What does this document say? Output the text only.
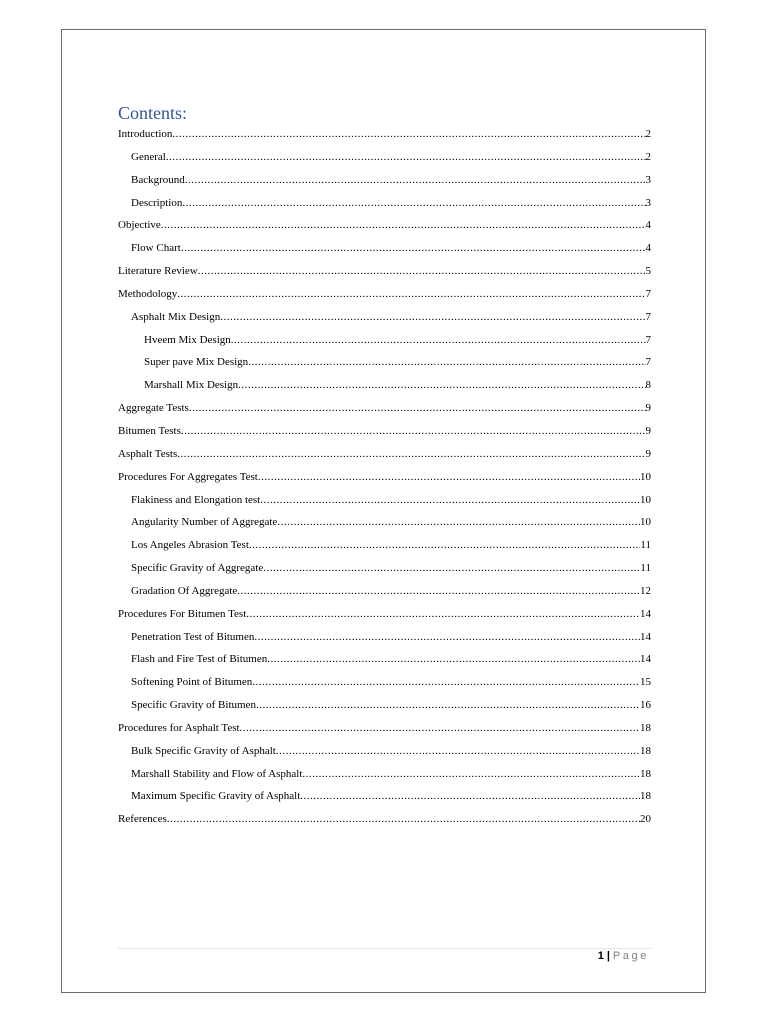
Contents:
Introduction .....	2
General .....	2
Background .....	3
Description .....	3
Objective .....	4
Flow Chart .....	4
Literature Review .....	5
Methodology .....	7
Asphalt Mix Design .....	7
Hveem Mix Design .....	7
Super pave Mix Design .....	7
Marshall Mix Design .....	8
Aggregate Tests .....	9
Bitumen Tests .....	9
Asphalt Tests .....	9
Procedures For Aggregates Test .....	10
Flakiness and Elongation test .....	10
Angularity Number of Aggregate .....	10
Los Angeles Abrasion Test .....	11
Specific Gravity of Aggregate .....	11
Gradation Of Aggregate .....	12
Procedures For Bitumen Test .....	14
Penetration Test of Bitumen .....	14
Flash and Fire Test of Bitumen .....	14
Softening Point of Bitumen .....	15
Specific Gravity of Bitumen .....	16
Procedures for Asphalt Test .....	18
Bulk Specific Gravity of Asphalt .....	18
Marshall Stability and Flow of Asphalt .....	18
Maximum Specific Gravity of Asphalt .....	18
References .....	20
1 | Page
